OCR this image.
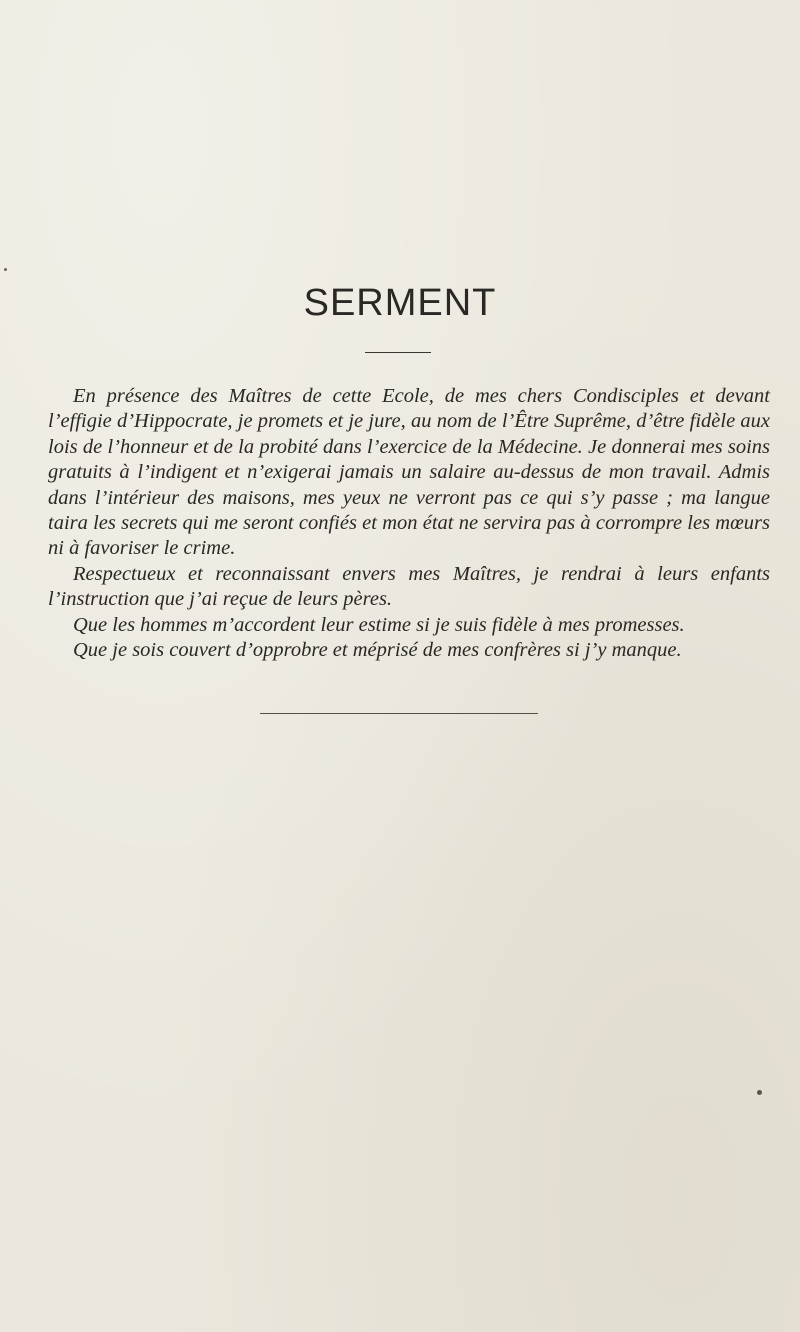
SERMENT

En présence des Maîtres de cette Ecole, de mes chers Condisciples et devant l’effigie d’Hippocrate, je promets et je jure, au nom de l’Être Suprême, d’être fidèle aux lois de l’honneur et de la probité dans l’exercice de la Médecine. Je donnerai mes soins gratuits à l’indigent et n’exigerai jamais un salaire au-dessus de mon travail. Admis dans l’intérieur des maisons, mes yeux ne verront pas ce qui s’y passe ; ma langue taira les secrets qui me seront confiés et mon état ne servira pas à corrompre les mœurs ni à favoriser le crime.

Respectueux et reconnaissant envers mes Maîtres, je rendrai à leurs enfants l’instruction que j’ai reçue de leurs pères.

Que les hommes m’accordent leur estime si je suis fidèle à mes promesses.

Que je sois couvert d’opprobre et méprisé de mes confrères si j’y manque.
